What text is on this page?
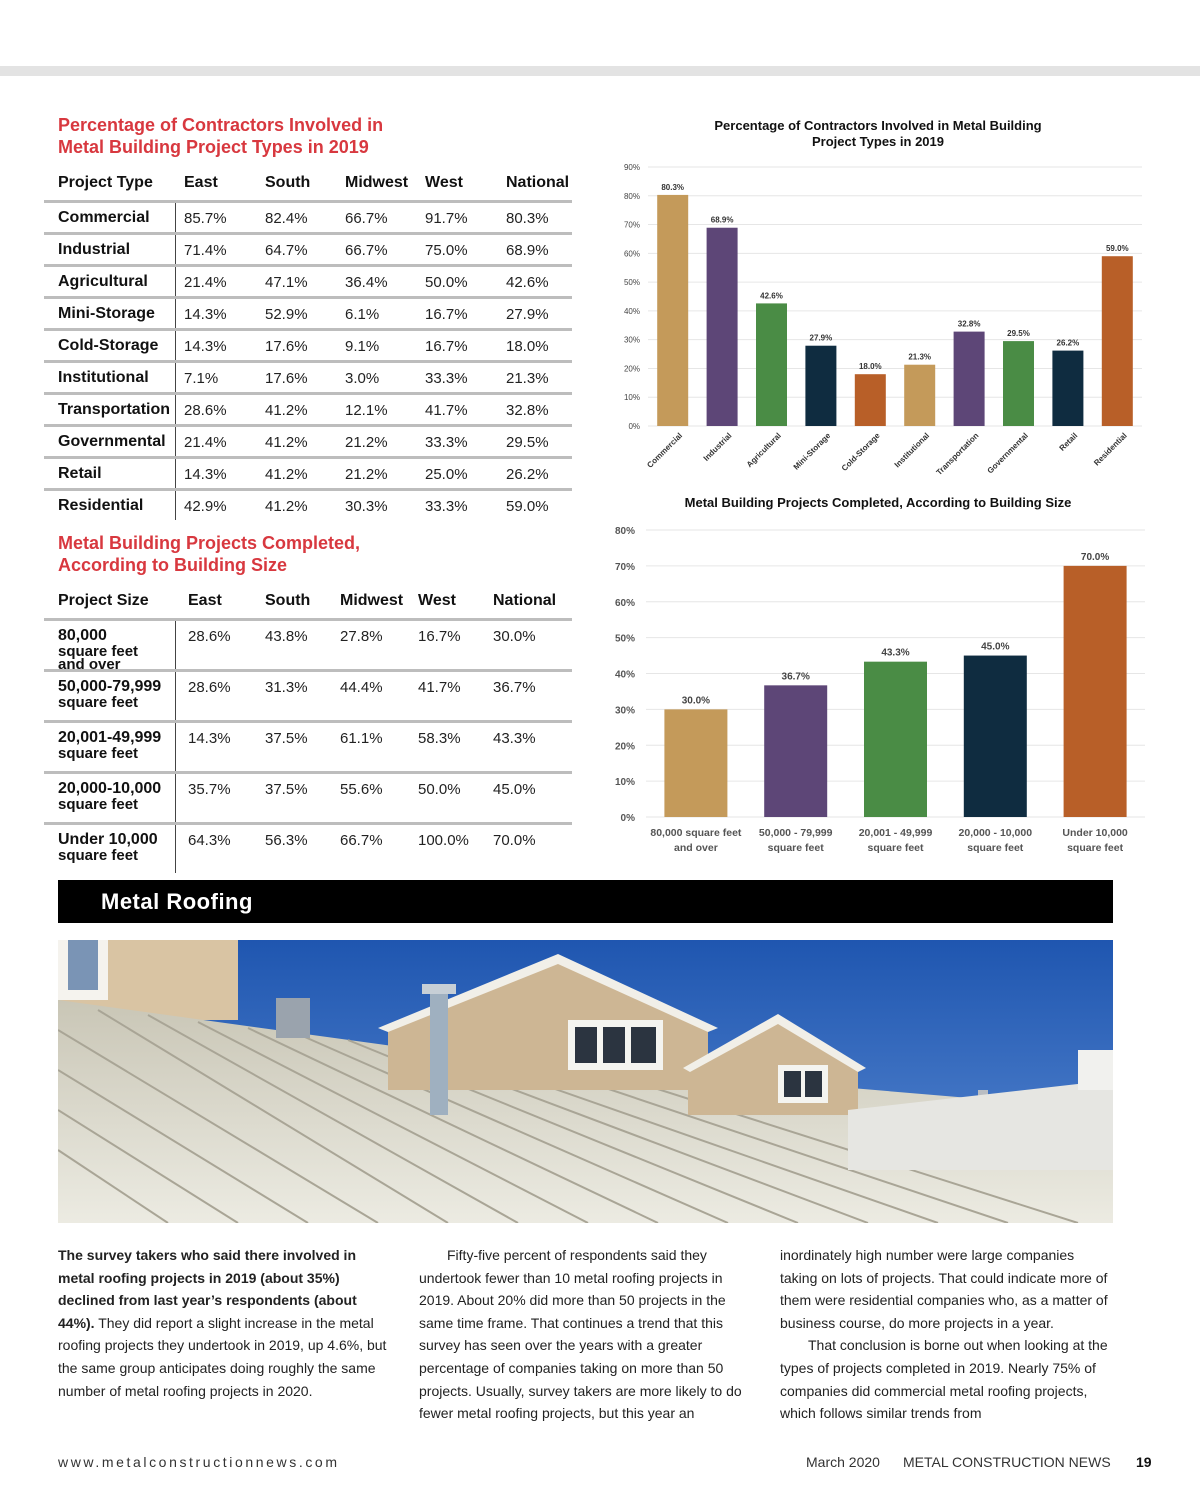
Percentage of Contractors Involved in
Metal Building Project Types in 2019
Project Type East	South Midwest West	National
Commercial 85.7%	82.4% 66.7% 91.7%	80.3%
Industrial	71.4%	64.7% 66.7% 75.0%	68.9%
Agricultural 21.4%	47.1% 36.4% 50.0%	42.6%
Mini-Storage 14.3%	52.9% 6.1%	16.7%	27.9%
Cold-Storage 14.3%	17.6% 9.1%	16.7%	18.0%
Institutional 7.1%	17.6% 3.0%	33.3%	21.3%
Transportation 28.6%	41.2% 12.1% 41.7%	32.8%
Governmental 21.4%	41.2% 21.2% 33.3%	29.5%
Retail	14.3%	41.2% 21.2% 25.0%	26.2%
Residential	42.9%	41.2% 30.3% 33.3%	59.0%
Metal Building Projects Completed,
According to Building Size
Project Size East	South Midwest West National
80,000
square feet
and over
28.6% 43.8% 27.8% 16.7% 30.0%
50,000-79,999
square feet
28.6% 31.3% 44.4% 41.7% 36.7%
20,001-49,999
square feet
14.3% 37.5% 61.1% 58.3% 43.3%
20,000-10,000
square feet
35.7% 37.5% 55.6% 50.0% 45.0%
Under 10,000
square feet
64.3% 56.3% 66.7% 100.0% 70.0%
Percentage of Contractors Involved in Metal Building
Project Types in 2019
0%
10%
20%
30%
40%
50%
60%
70%
80%
90%
80.3%
Commercial
68.9%
Industrial
42.6%
Agricultural
27.9%
Mini-Storage
18.0%
Cold-Storage
21.3%
Institutional
32.8%
Transportation
29.5%
Governmental
26.2%
Retail
59.0%
Residential
Metal Building Projects Completed, According to Building Size
0%
10%
20%
30%
40%
50%
60%
70%
80%
30.0%
80,000 square feet
and over
36.7%
50,000 - 79,999
square feet
43.3%
20,001 - 49,999
square feet
45.0%
20,000 - 10,000
square feet
70.0%
Under 10,000
square feet
Metal Roofing

The survey takers who said there involved in metal roofing projects in 2019 (about 35%) declined from last year’s respondents (about 44%). They did report a slight increase in the metal roofing projects they undertook in 2019, up 4.6%, but the same group anticipates doing roughly the same number of metal roofing projects in 2020.

Fifty-five percent of respondents said they undertook fewer than 10 metal roofing projects in 2019. About 20% did more than 50 projects in the same time frame. That continues a trend that this survey has seen over the years with a greater percentage of companies taking on more than 50 projects. Usually, survey takers are more likely to do fewer metal roofing projects, but this year an

inordinately high number were large companies taking on lots of projects. That could indicate more of them were residential companies who, as a matter of business course, do more projects in a year.

That conclusion is borne out when looking at the types of projects completed in 2019. Nearly 75% of companies did commercial metal roofing projects, which follows similar trends from

www.metalconstructionnews.com	March 2020 METAL CONSTRUCTION NEWS 19
